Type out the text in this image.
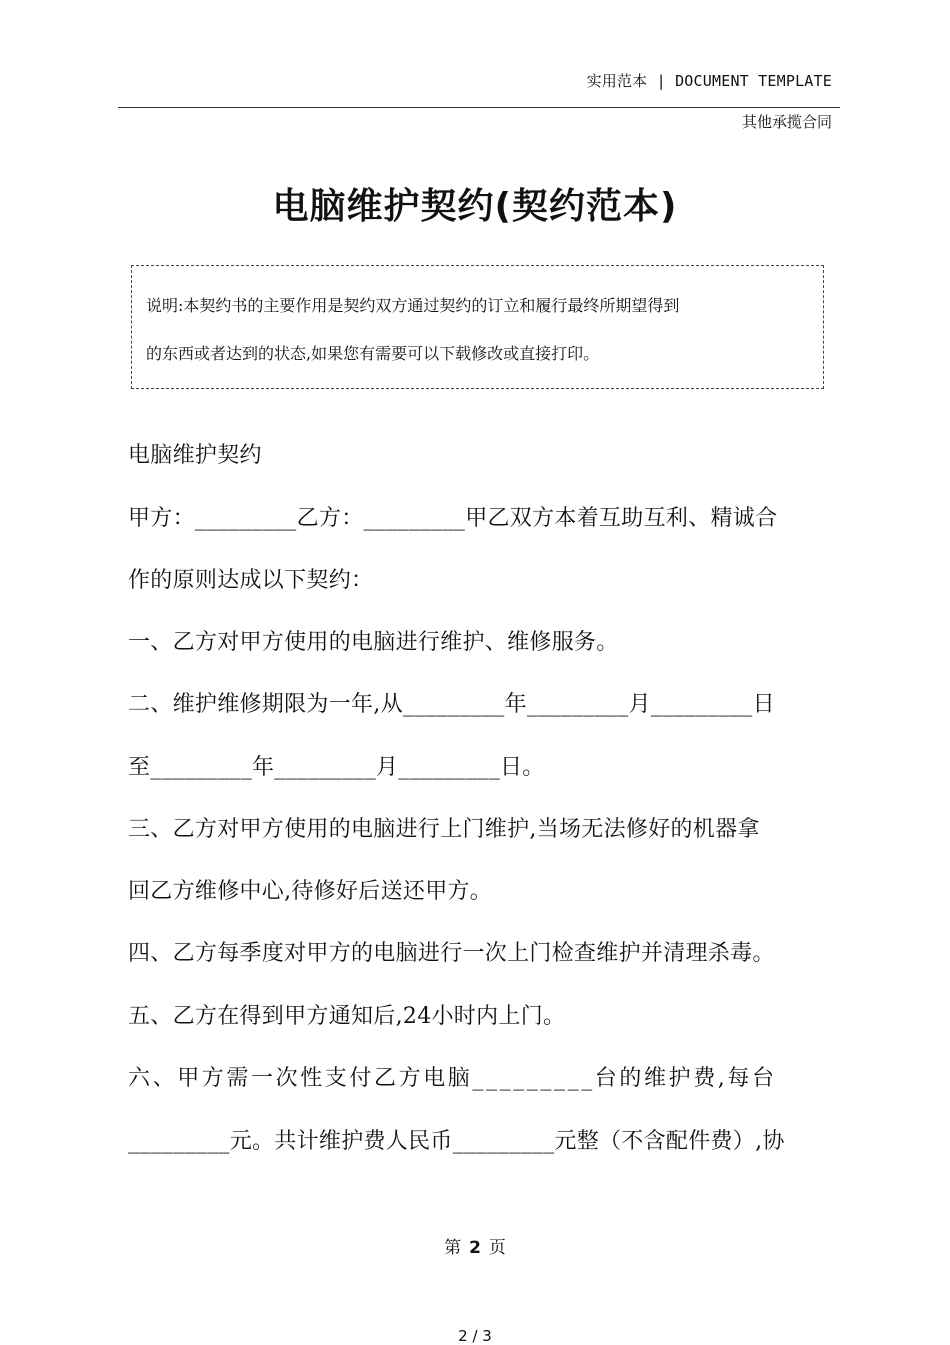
实用范本 | DOCUMENT TEMPLATE
其他承揽合同
电脑维护契约(契约范本)
说明:本契约书的主要作用是契约双方通过契约的订立和履行最终所期望得到
的东西或者达到的状态,如果您有需要可以下载修改或直接打印。
电脑维护契约
甲方：_________乙方：_________甲乙双方本着互助互利、精诚合
作的原则达成以下契约：
一、乙方对甲方使用的电脑进行维护、维修服务。
二、维护维修期限为一年,从_________年_________月_________日
至_________年_________月_________日。
三、乙方对甲方使用的电脑进行上门维护,当场无法修好的机器拿
回乙方维修中心,待修好后送还甲方。
四、乙方每季度对甲方的电脑进行一次上门检查维护并清理杀毒。
五、乙方在得到甲方通知后,24小时内上门。
六、甲方需一次性支付乙方电脑_________台的维护费,每台
_________元。共计维护费人民币_________元整（不含配件费）,协
第 2 页
2 / 3
